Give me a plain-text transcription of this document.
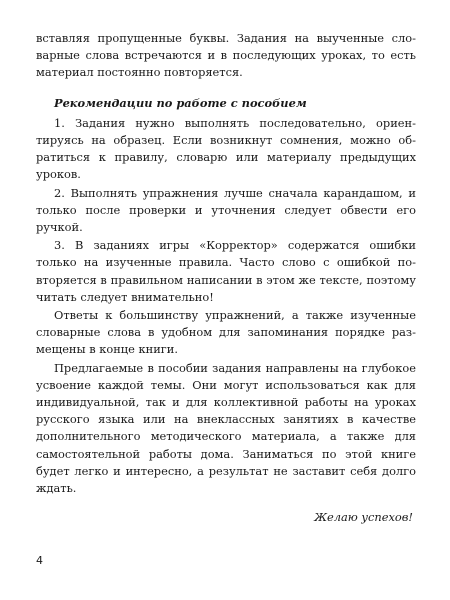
вставляя пропущенные буквы. Задания на выученные словарные слова встречаются и в последующих уроках, то есть материал постоянно повторяется.

Рекомендации по работе с пособием

1. Задания нужно выполнять последовательно, ориентируясь на образец. Если возникнут сомнения, можно обратиться к правилу, словарю или материалу предыдущих уроков.

2. Выполнять упражнения лучше сначала карандашом, и только после проверки и уточнения следует обвести его ручкой.

3. В заданиях игры «Корректор» содержатся ошибки только на изученные правила. Часто слово с ошибкой повторяется в правильном написании в этом же тексте, поэтому читать следует внимательно!

Ответы к большинству упражнений, а также изученные словарные слова в удобном для запоминания порядке размещены в конце книги.

Предлагаемые в пособии задания направлены на глубокое усвоение каждой темы. Они могут использоваться как для индивидуальной, так и для коллективной работы на уроках русского языка или на внеклассных занятиях в качестве дополнительного методического материала, а также для самостоятельной работы дома. Заниматься по этой книге будет легко и интересно, а результат не заставит себя долго ждать.

Желаю успехов!

4
